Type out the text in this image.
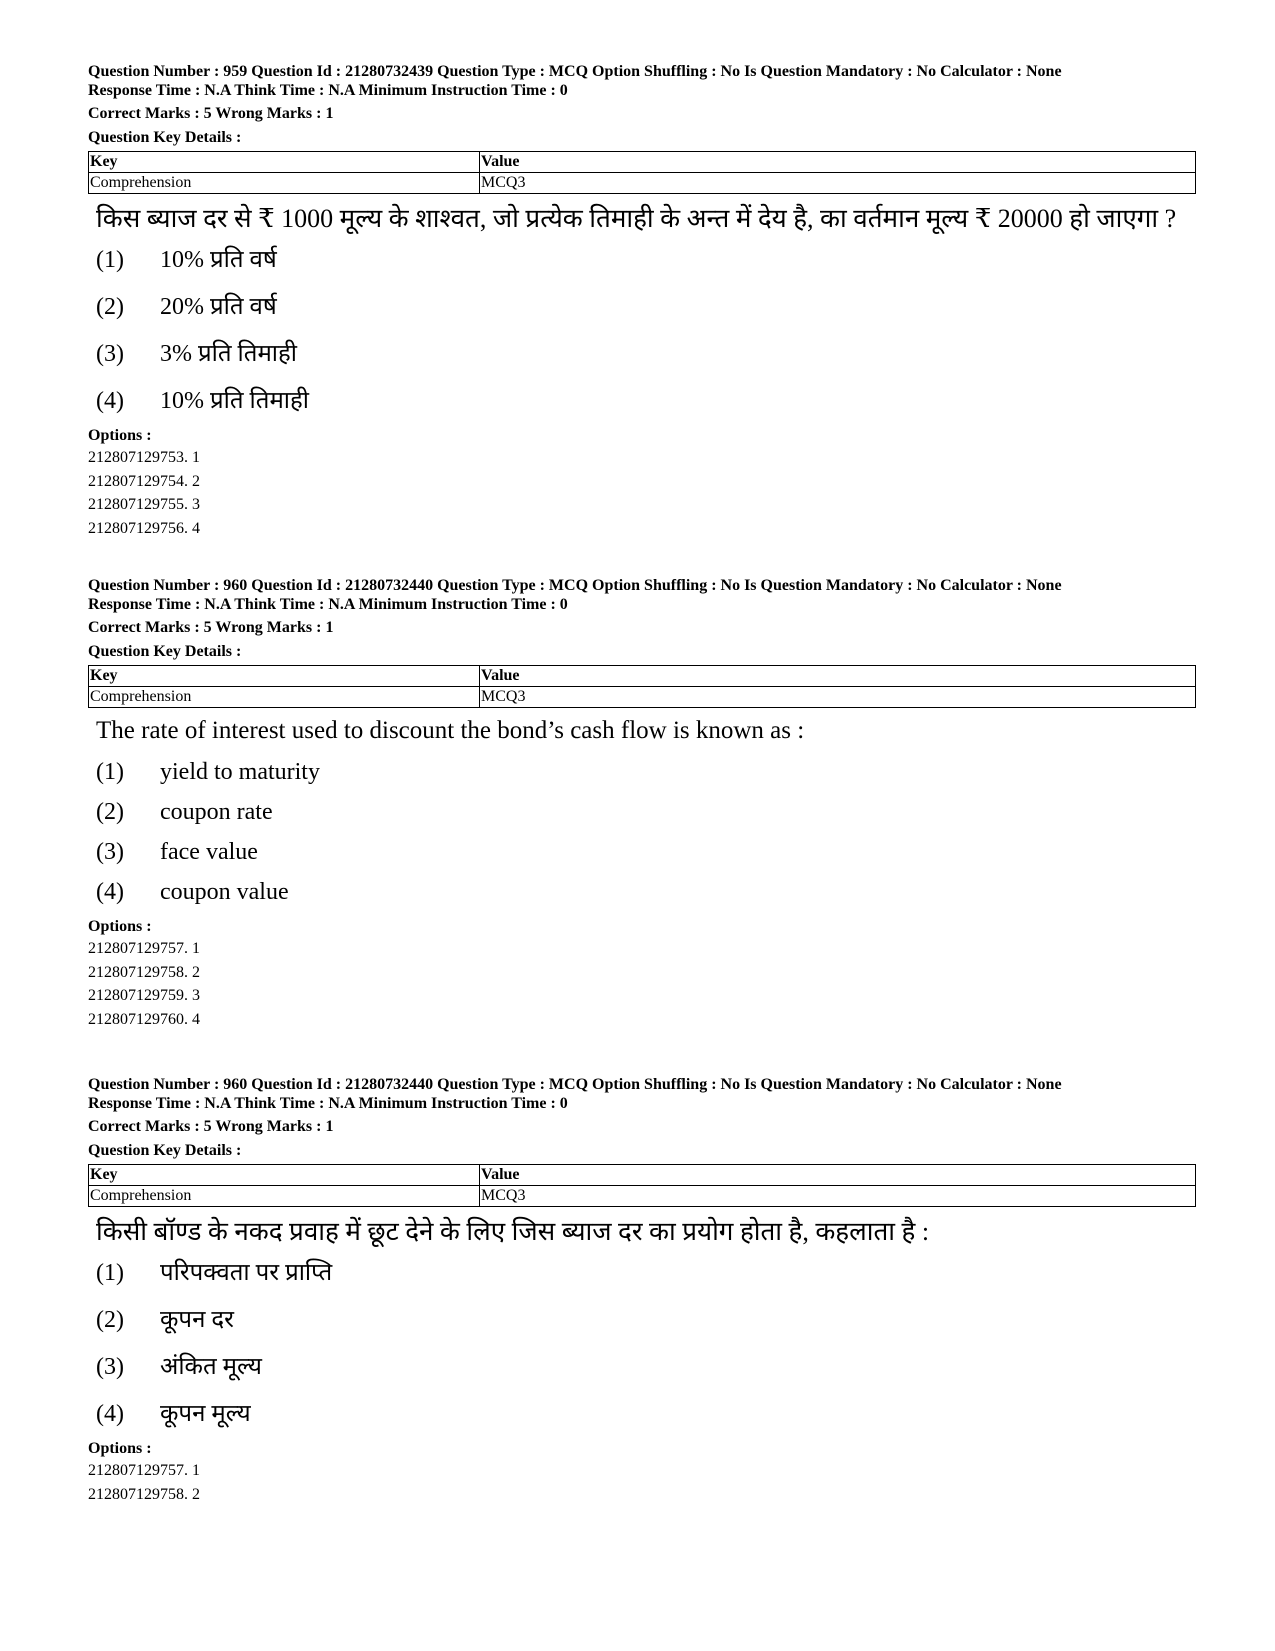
Question Number : 959 Question Id : 21280732439 Question Type : MCQ Option Shuffling : No Is Question Mandatory : No Calculator : None
Response Time : N.A Think Time : N.A Minimum Instruction Time : 0
Correct Marks : 5 Wrong Marks : 1
Question Key Details :
Key	Value
Comprehension	MCQ3
किस ब्याज दर से ₹ 1000 मूल्य के शाश्वत, जो प्रत्येक तिमाही के अन्त में देय है, का वर्तमान मूल्य ₹ 20000 हो जाएगा ?
(1)	10% प्रति वर्ष
(2)	20% प्रति वर्ष
(3)	3% प्रति तिमाही
(4)	10% प्रति तिमाही
Options :
212807129753. 1
212807129754. 2
212807129755. 3
212807129756. 4
Question Number : 960 Question Id : 21280732440 Question Type : MCQ Option Shuffling : No Is Question Mandatory : No Calculator : None
Response Time : N.A Think Time : N.A Minimum Instruction Time : 0
Correct Marks : 5 Wrong Marks : 1
Question Key Details :
Key	Value
Comprehension	MCQ3
The rate of interest used to discount the bond’s cash flow is known as :
(1)	yield to maturity
(2)	coupon rate
(3)	face value
(4)	coupon value
Options :
212807129757. 1
212807129758. 2
212807129759. 3
212807129760. 4
Question Number : 960 Question Id : 21280732440 Question Type : MCQ Option Shuffling : No Is Question Mandatory : No Calculator : None
Response Time : N.A Think Time : N.A Minimum Instruction Time : 0
Correct Marks : 5 Wrong Marks : 1
Question Key Details :
Key	Value
Comprehension	MCQ3
किसी बॉण्ड के नकद प्रवाह में छूट देने के लिए जिस ब्याज दर का प्रयोग होता है, कहलाता है :
(1)	परिपक्वता पर प्राप्ति
(2)	कूपन दर
(3)	अंकित मूल्य
(4)	कूपन मूल्य
Options :
212807129757. 1
212807129758. 2
